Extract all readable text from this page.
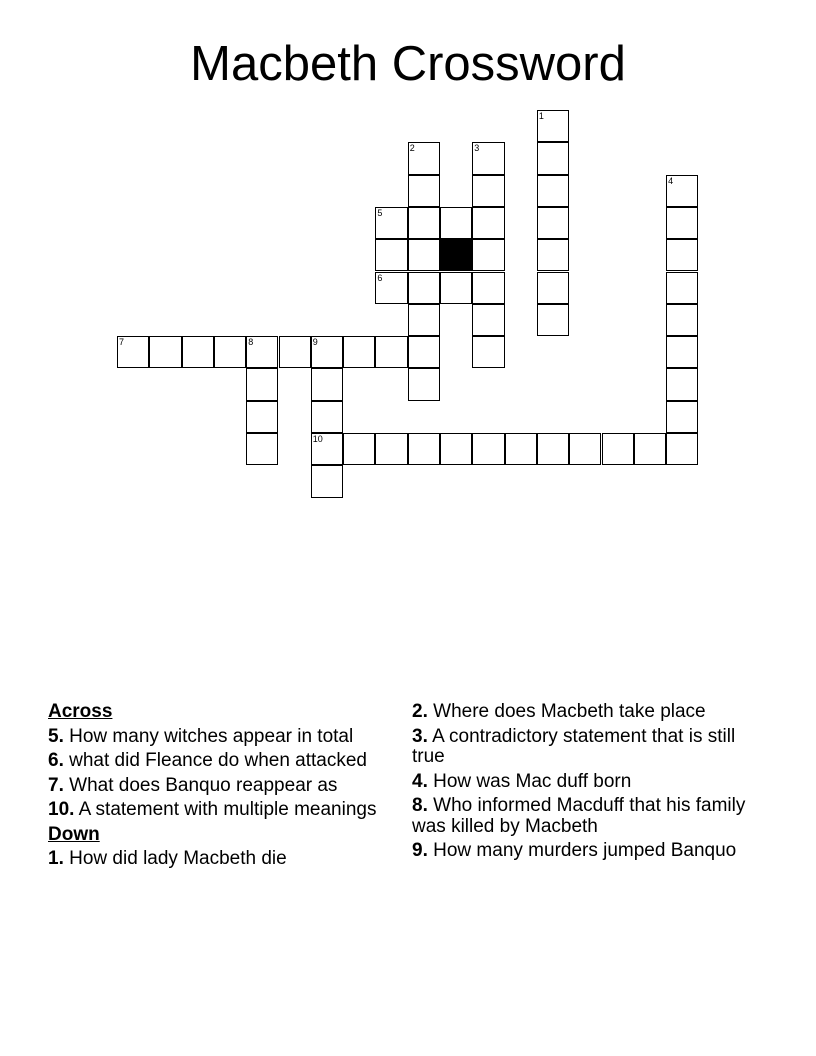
Macbeth Crossword
1
2	3
4
5
6
7	8	9
10
Across
5. How many witches appear in total
6. what did Fleance do when attacked
7. What does Banquo reappear as
10. A statement with multiple meanings
Down
1. How did lady Macbeth die
2. Where does Macbeth take place
3. A contradictory statement that is still true
4. How was Mac duff born
8. Who informed Macduff that his family was killed by Macbeth
9. How many murders jumped Banquo
